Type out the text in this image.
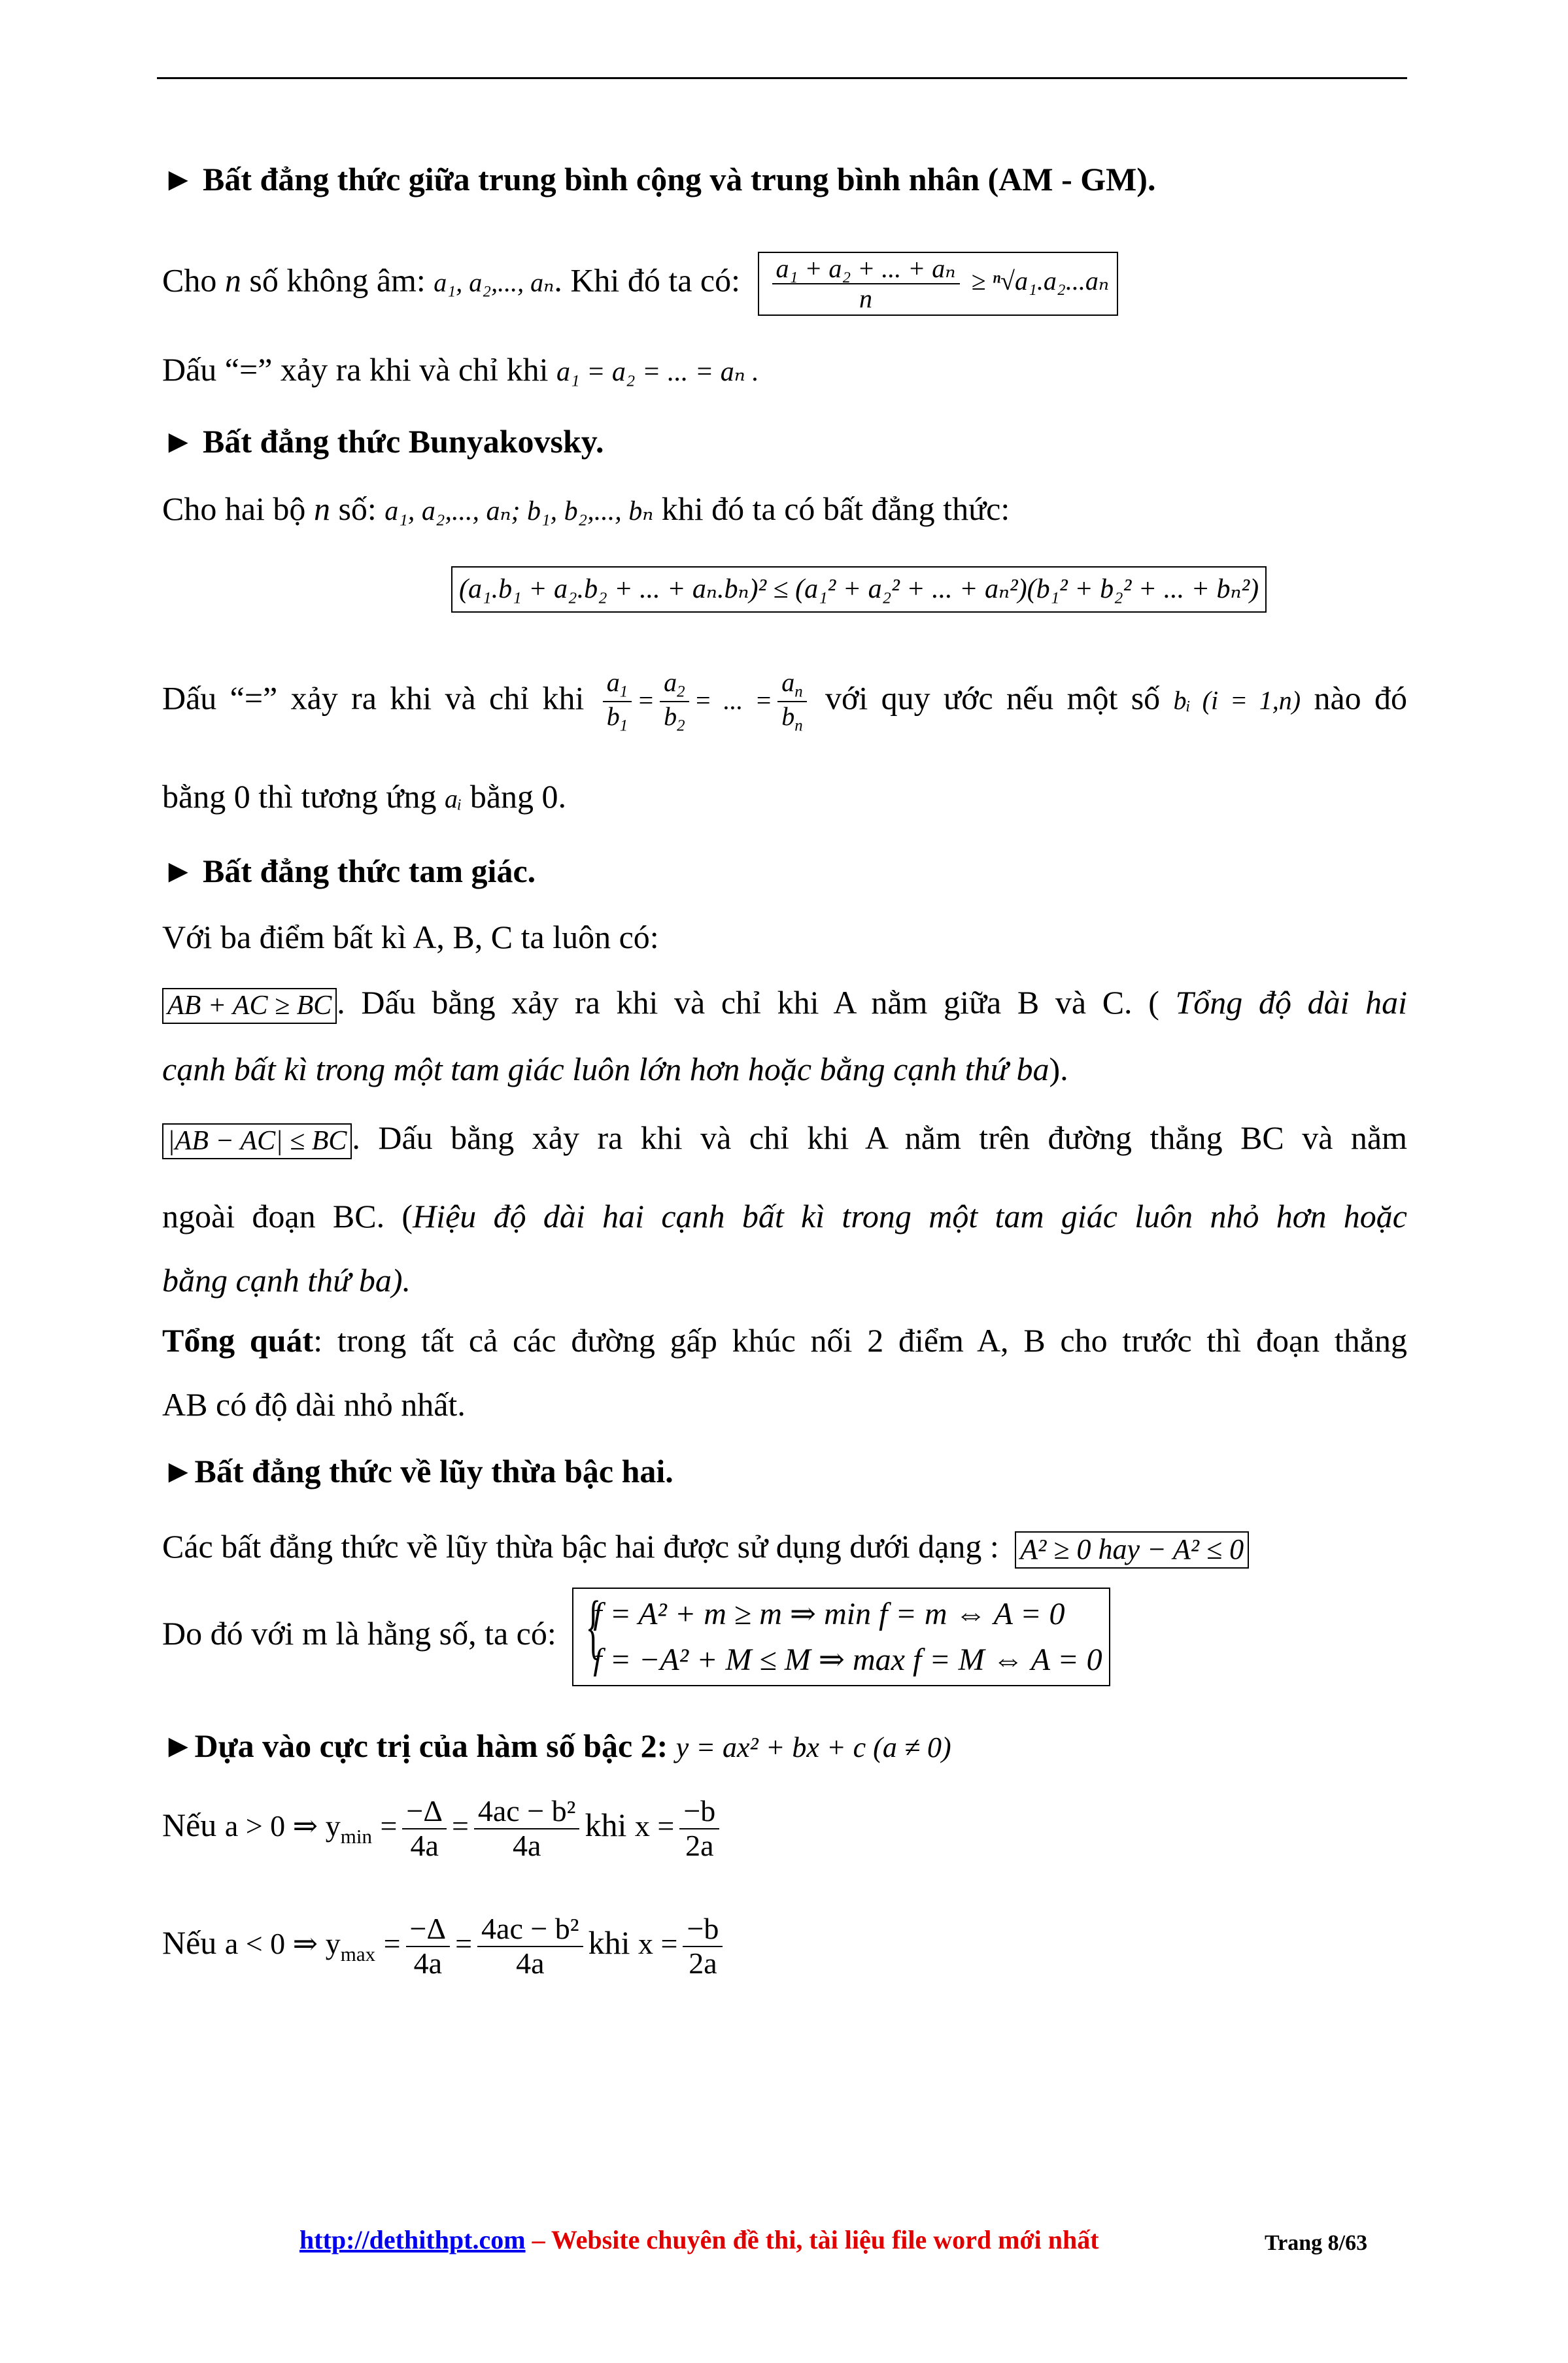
► Bất đẳng thức giữa trung bình cộng và trung bình nhân (AM - GM).
Cho n số không âm: a₁, a₂,..., aₙ. Khi đó ta có: $\frac{\text{a₁ + a₂ + ... + aₙ}}{n} \ge ^n√a_1.a_2...a_n$
Dấu “=” xảy ra khi và chỉ khi a₁ = a₂ = ... = aₙ .
► Bất đẳng thức Bunyakovsky.
Cho hai bộ n số: a₁, a₂,..., aₙ; b₁, b₂,..., bₙ khi đó ta có bất đẳng thức:
(a₁.b₁ + a₂.b₂ + ... + aₙ.bₙ)² ≤ (a₁² + a₂² + ... + aₙ²)(b₁² + b₂² + ... + bₙ²)
Dấu “=” xảy ra khi và chỉ khi $\frac{a_1}{b_1} = \frac{a_2}{b_2}$ = ... = $\frac{a_n}{b_n}$ với quy ước nếu một số bᵢ (i = 1,n) nào đó
bằng 0 thì tương ứng aᵢ bằng 0.
► Bất đẳng thức tam giác.
Với ba điểm bất kì A, B, C ta luôn có:
AB + AC ≥ BC . Dấu bằng xảy ra khi và chỉ khi A nằm giữa B và C. ( Tổng độ dài hai
cạnh bất kì trong một tam giác luôn lớn hơn hoặc bằng cạnh thứ ba).
|AB − AC| ≤ BC . Dấu bằng xảy ra khi và chỉ khi A nằm trên đường thẳng BC và nằm
ngoài đoạn BC. (Hiệu độ dài hai cạnh bất kì trong một tam giác luôn nhỏ hơn hoặc
bằng cạnh thứ ba).
Tổng quát: trong tất cả các đường gấp khúc nối 2 điểm A, B cho trước thì đoạn thẳng
AB có độ dài nhỏ nhất.
►Bất đẳng thức về lũy thừa bậc hai.
Các bất đẳng thức về lũy thừa bậc hai được sử dụng dưới dạng : A² ≥ 0 hay − A² ≤ 0
Do đó với m là hằng số, ta có: {
f = A² + m ≥ m ⇒ min f = m ⇔ A = 0
f = −A² + M ≤ M ⇒ max f = M ⇔ A = 0
►Dựa vào cực trị của hàm số bậc 2: y = ax² + bx + c (a ≠ 0)
Nếu a > 0 ⇒ $y_{min} = \frac{-\Delta}{4a} = \frac{\text{4ac − b²}}{4a}$ khi $x = \frac{-b}{2a}$
Nếu a < 0 ⇒ $y_{max} = \frac{-\Delta}{4a} = \frac{\text{4ac − b²}}{4a}$ khi $x = \frac{-b}{2a}$
http://dethithpt.com – Website chuyên đề thi, tài liệu file word mới nhất	Trang 8/63
